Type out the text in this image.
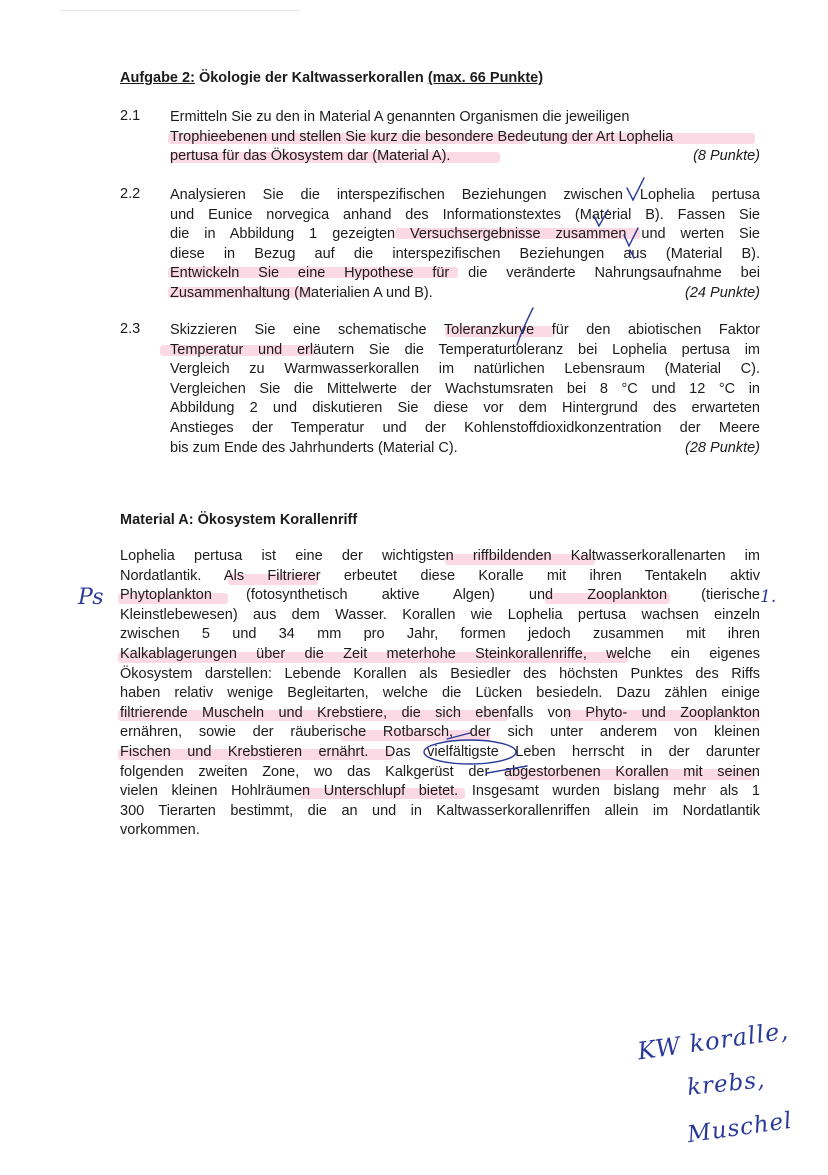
Aufgabe 2: Ökologie der Kaltwasserkorallen (max. 66 Punkte)
2.1 Ermitteln Sie zu den in Material A genannten Organismen die jeweiligen
Trophieebenen und stellen Sie kurz die besondere Bedeutung der Art Lophelia
pertusa für das Ökosystem dar (Material A).	(8 Punkte)
2.2 Analysieren Sie die interspezifischen Beziehungen zwischen Lophelia pertusa
und Eunice norvegica anhand des Informationstextes (Material B). Fassen Sie
die in Abbildung 1 gezeigten Versuchsergebnisse zusammen und werten Sie
diese in Bezug auf die interspezifischen Beziehungen aus (Material B).
Entwickeln Sie eine Hypothese für die veränderte Nahrungsaufnahme bei
Zusammenhaltung (Materialien A und B).	(24 Punkte)
2.3 Skizzieren Sie eine schematische Toleranzkurve für den abiotischen Faktor
Temperatur und erläutern Sie die Temperaturtoleranz bei Lophelia pertusa im
Vergleich zu Warmwasserkorallen im natürlichen Lebensraum (Material C).
Vergleichen Sie die Mittelwerte der Wachstumsraten bei 8 °C und 12 °C in
Abbildung 2 und diskutieren Sie diese vor dem Hintergrund des erwarteten
Anstieges der Temperatur und der Kohlenstoffdioxidkonzentration der Meere
bis zum Ende des Jahrhunderts (Material C).	(28 Punkte)
Material A: Ökosystem Korallenriff
Lophelia pertusa ist eine der wichtigsten riffbildenden Kaltwasserkorallenarten im
Nordatlantik. Als Filtrierer erbeutet diese Koralle mit ihren Tentakeln aktiv
Phytoplankton (fotosynthetisch aktive Algen) und Zooplankton (tierische
Kleinstlebewesen) aus dem Wasser. Korallen wie Lophelia pertusa wachsen einzeln
zwischen 5 und 34 mm pro Jahr, formen jedoch zusammen mit ihren
Kalkablagerungen über die Zeit meterhohe Steinkorallenriffe, welche ein eigenes
Ökosystem darstellen: Lebende Korallen als Besiedler des höchsten Punktes des Riffs
haben relativ wenige Begleitarten, welche die Lücken besiedeln. Dazu zählen einige
filtrierende Muscheln und Krebstiere, die sich ebenfalls von Phyto- und Zooplankton
ernähren, sowie der räuberische Rotbarsch, der sich unter anderem von kleinen
Fischen und Krebstieren ernährt. Das vielfältigste Leben herrscht in der darunter
folgenden zweiten Zone, wo das Kalkgerüst der abgestorbenen Korallen mit seinen
vielen kleinen Hohlräumen Unterschlupf bietet. Insgesamt wurden bislang mehr als 1
300 Tierarten bestimmt, die an und in Kaltwasserkorallenriffen allein im Nordatlantik
vorkommen.
Ps	1.
KW koralle,
krebs,
Muschel
